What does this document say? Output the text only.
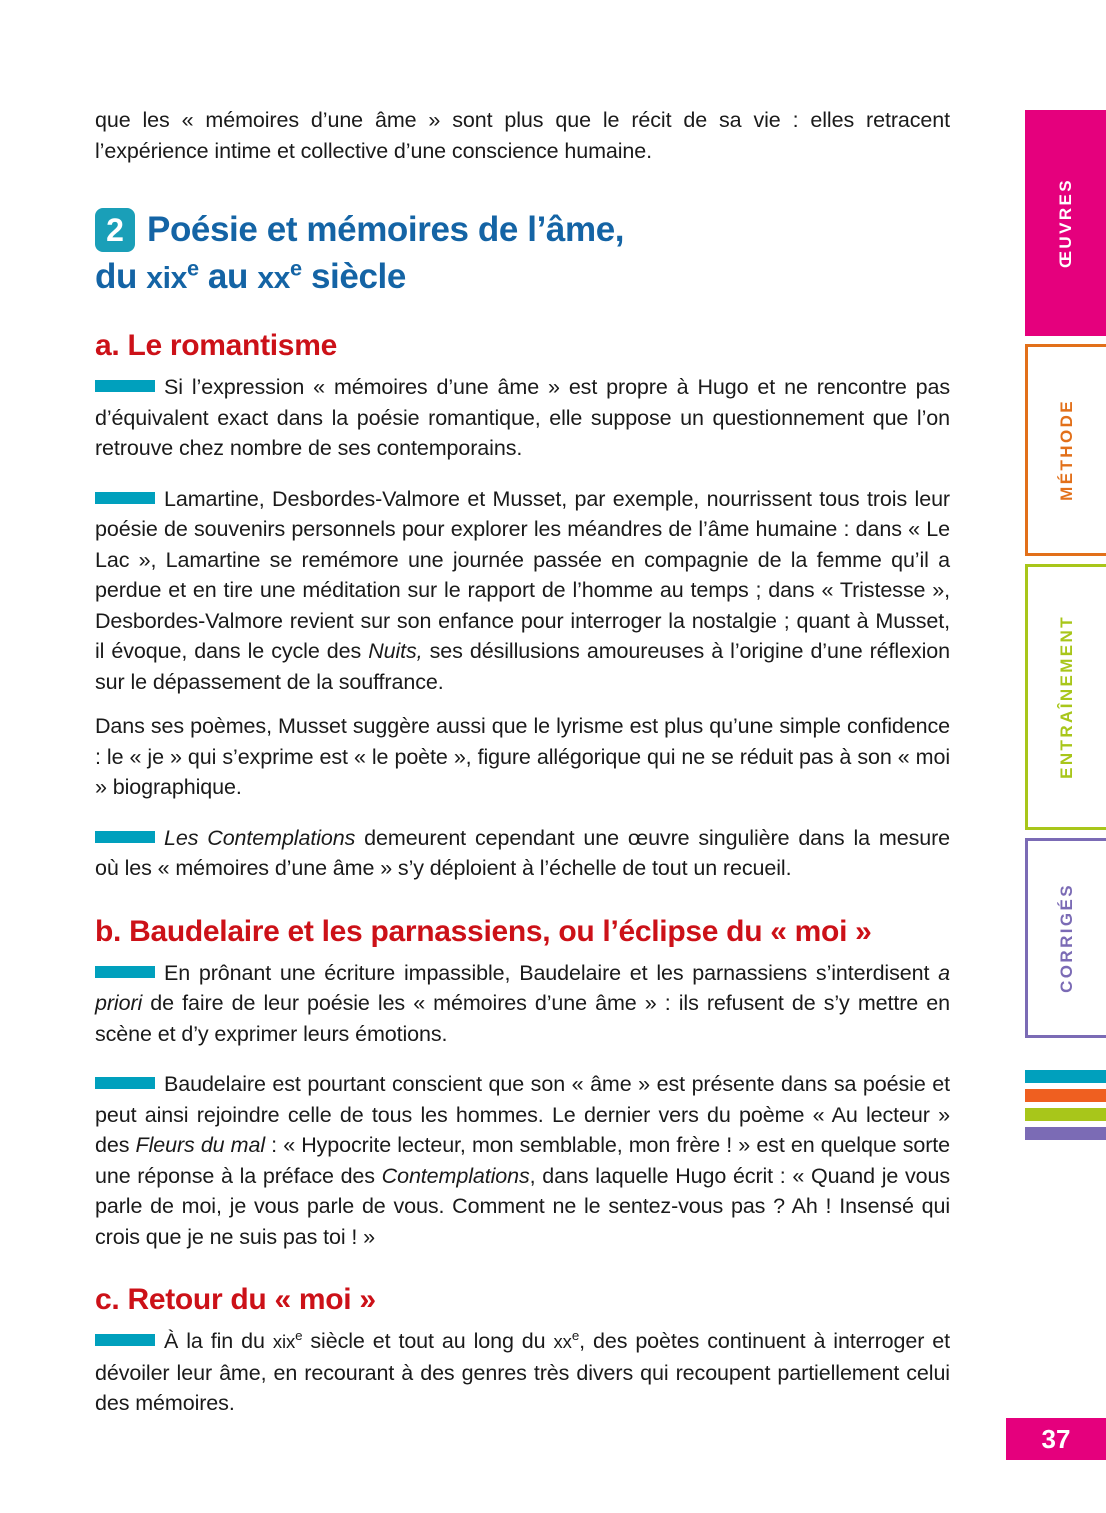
que les « mémoires d’une âme » sont plus que le récit de sa vie : elles retracent l’expérience intime et collective d’une conscience humaine.

2 Poésie et mémoires de l’âme,
du xix$^e$ au $xx^e$ siècle
a. Le romantisme

Si l’expression « mémoires d’une âme » est propre à Hugo et ne rencontre pas d’équivalent exact dans la poésie romantique, elle suppose un questionnement que l’on retrouve chez nombre de ses contemporains.

Lamartine, Desbordes-Valmore et Musset, par exemple, nourrissent tous trois leur poésie de souvenirs personnels pour explorer les méandres de l’âme humaine : dans « Le Lac », Lamartine se remémore une journée passée en compagnie de la femme qu’il a perdue et en tire une méditation sur le rapport de l’homme au temps ; dans « Tristesse », Desbordes-Valmore revient sur son enfance pour interroger la nostalgie ; quant à Musset, il évoque, dans le cycle des Nuits, ses désillusions amoureuses à l’origine d’une réflexion sur le dépassement de la souffrance.

Dans ses poèmes, Musset suggère aussi que le lyrisme est plus qu’une simple confidence : le « je » qui s’exprime est « le poète », figure allégorique qui ne se réduit pas à son « moi » biographique.

Les Contemplations demeurent cependant une œuvre singulière dans la mesure où les « mémoires d’une âme » s’y déploient à l’échelle de tout un recueil.

b. Baudelaire et les parnassiens, ou l’éclipse du « moi »

En prônant une écriture impassible, Baudelaire et les parnassiens s’interdisent a priori de faire de leur poésie les « mémoires d’une âme » : ils refusent de s’y mettre en scène et d’y exprimer leurs émotions.

Baudelaire est pourtant conscient que son « âme » est présente dans sa poésie et peut ainsi rejoindre celle de tous les hommes. Le dernier vers du poème « Au lecteur » des Fleurs du mal : « Hypocrite lecteur, mon semblable, mon frère ! » est en quelque sorte une réponse à la préface des Contemplations, dans laquelle Hugo écrit : « Quand je vous parle de moi, je vous parle de vous. Comment ne le sentez-vous pas ? Ah ! Insensé qui crois que je ne suis pas toi ! »

c. Retour du « moi »

À la fin du xix$^e$ siècle et tout au long du $xx^e$, des poètes continuent à interroger et dévoiler leur âme, en recourant à des genres très divers qui recoupent partiellement celui des mémoires.

ŒUVRES
MÉTHODE
ENTRAÎNEMENT
CORRIGÉS
37
